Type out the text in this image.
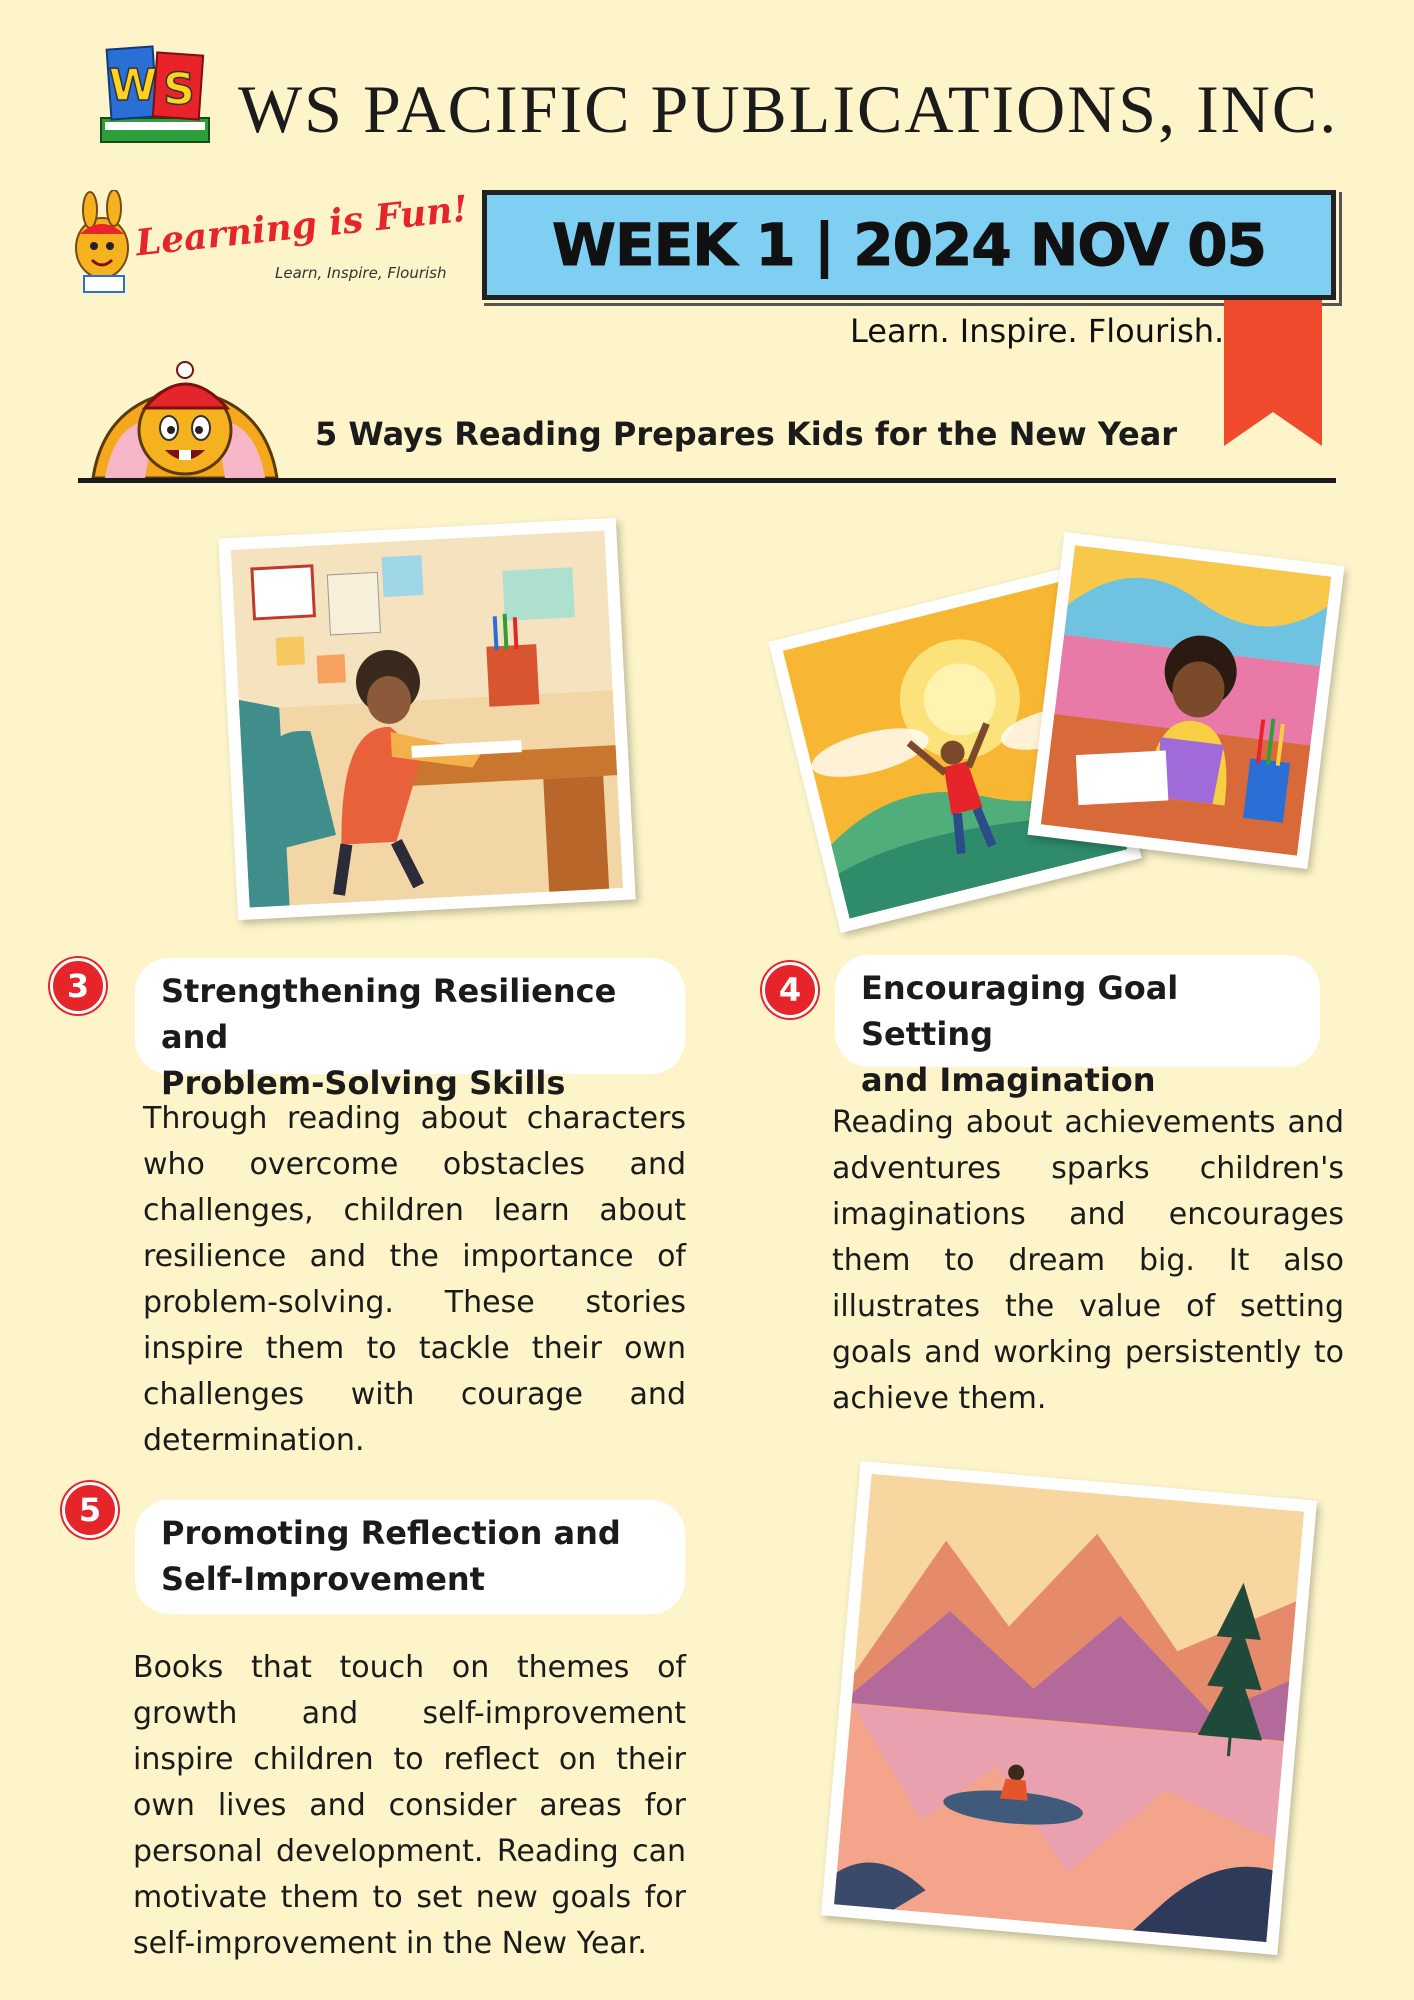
W S WS PACIFIC PUBLICATIONS, INC.
Learning is Fun!
Learn, Inspire, Flourish WEEK 1 | 2024 NOV 05
Learn. Inspire. Flourish.
5 Ways Reading Prepares Kids for the New Year
3	Strengthening Resilience and
Problem-Solving Skills
Through reading about characters who overcome obstacles and challenges, children learn about resilience and the importance of problem-solving. These stories inspire them to tackle their own challenges with courage and determination.
4	Encouraging Goal Setting
and Imagination
Reading about achievements and adventures sparks children's imaginations and encourages them to dream big. It also illustrates the value of setting goals and working persistently to achieve them.
5
Promoting Reflection and
Self-Improvement
Books that touch on themes of growth and self-improvement inspire children to reflect on their own lives and consider areas for personal development. Reading can motivate them to set new goals for self-improvement in the New Year.
